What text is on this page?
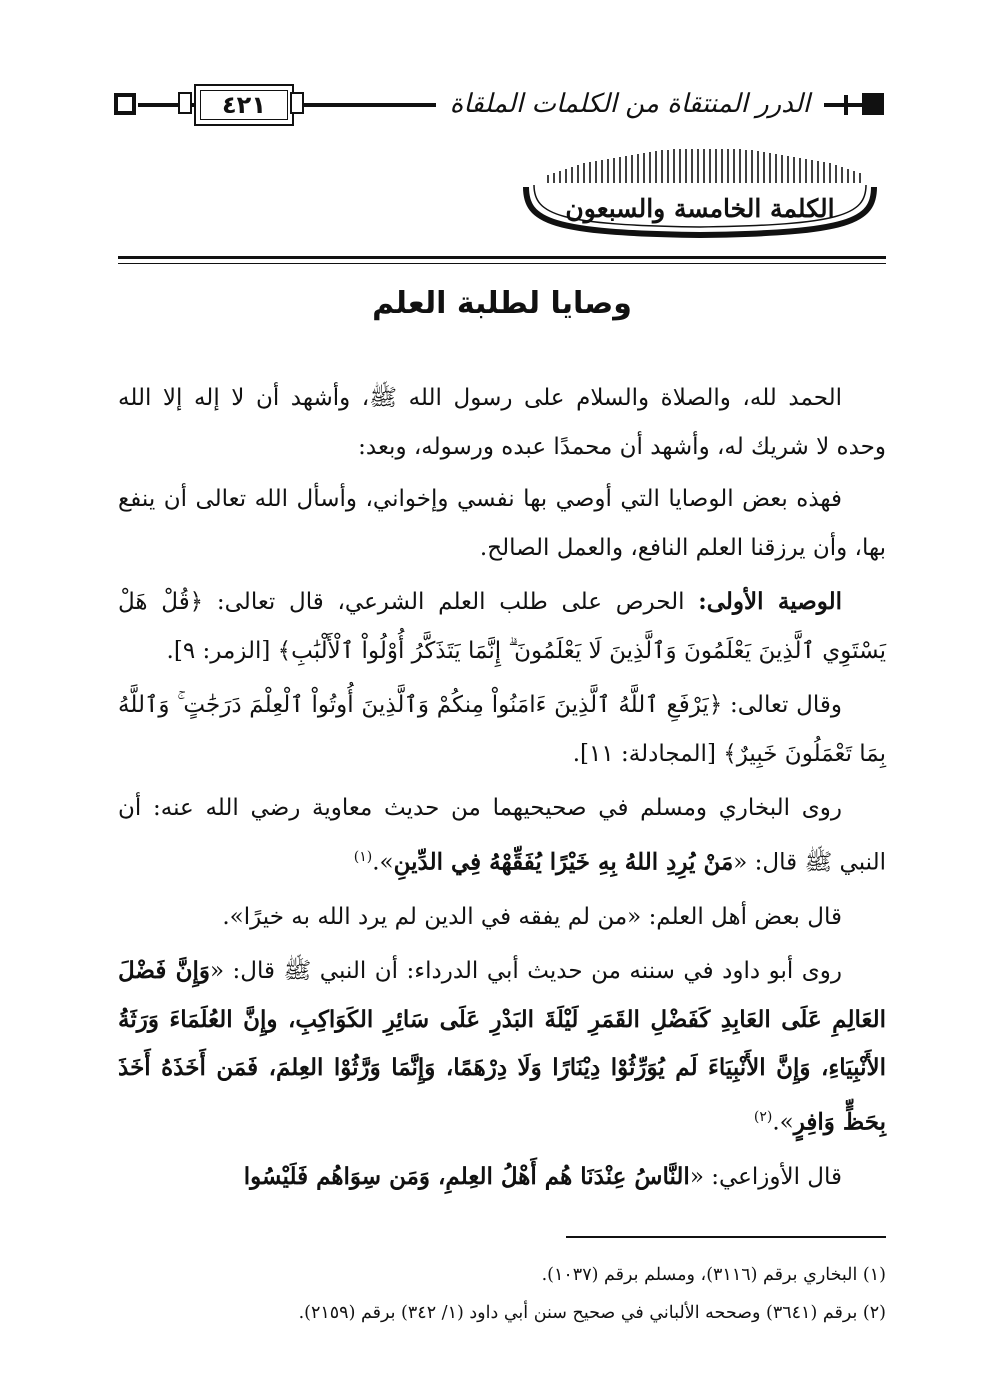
٤٢١	الدرر المنتقاة من الكلمات الملقاة
الكلمة الخامسة والسبعون
وصايا لطلبة العلم

الحمد لله، والصلاة والسلام على رسول الله ﷺ، وأشهد أن لا إله إلا الله وحده لا شريك له، وأشهد أن محمدًا عبده ورسوله، وبعد:

فهذه بعض الوصايا التي أوصي بها نفسي وإخواني، وأسأل الله تعالى أن ينفع بها، وأن يرزقنا العلم النافع، والعمل الصالح.

الوصية الأولى: الحرص على طلب العلم الشرعي، قال تعالى: ﴿قُلْ هَلْ يَسْتَوِي ٱلَّذِينَ يَعْلَمُونَ وَٱلَّذِينَ لَا يَعْلَمُونَ ۗ إِنَّمَا يَتَذَكَّرُ أُوْلُواْ ٱلْأَلْبَٰبِ﴾ [الزمر: ٩].

وقال تعالى: ﴿يَرْفَعِ ٱللَّهُ ٱلَّذِينَ ءَامَنُواْ مِنكُمْ وَٱلَّذِينَ أُوتُواْ ٱلْعِلْمَ دَرَجَٰتٍ ۚ وَٱللَّهُ بِمَا تَعْمَلُونَ خَبِيرٌ﴾ [المجادلة: ١١].

روى البخاري ومسلم في صحيحيهما من حديث معاوية رضي الله عنه: أن النبي ﷺ قال: «مَنْ يُرِدِ اللهُ بِهِ خَيْرًا يُفَقِّهْهُ فِي الدِّينِ».$^{(١)}$

قال بعض أهل العلم: «من لم يفقه في الدين لم يرد الله به خيرًا».

روى أبو داود في سننه من حديث أبي الدرداء: أن النبي ﷺ قال: «وَإِنَّ فَضْلَ العَالِمِ عَلَى العَابِدِ كَفَضْلِ القَمَرِ لَيْلَةَ البَدْرِ عَلَى سَائِرِ الكَوَاكِبِ، وإِنَّ العُلَمَاءَ وَرَثَةُ الأَنْبِيَاءِ، وَإِنَّ الأَنْبِيَاءَ لَم يُوَرِّثُوْا دِيْنَارًا وَلَا دِرْهَمًا، وَإِنَّمَا وَرَّثُوْا العِلمَ، فَمَن أَخَذَهُ أَخَذَ بِحَظٍّ وَافِرٍ».$^{(٢)}$

قال الأوزاعي: «النَّاسُ عِنْدَنَا هُم أَهْلُ العِلمِ، وَمَن سِوَاهُم فَلَيْسُوا

(١) البخاري برقم (٣١١٦)، ومسلم برقم (١٠٣٧).
(٢) برقم (٣٦٤١) وصححه الألباني في صحيح سنن أبي داود (١/ ٣٤٢) برقم (٢١٥٩).
